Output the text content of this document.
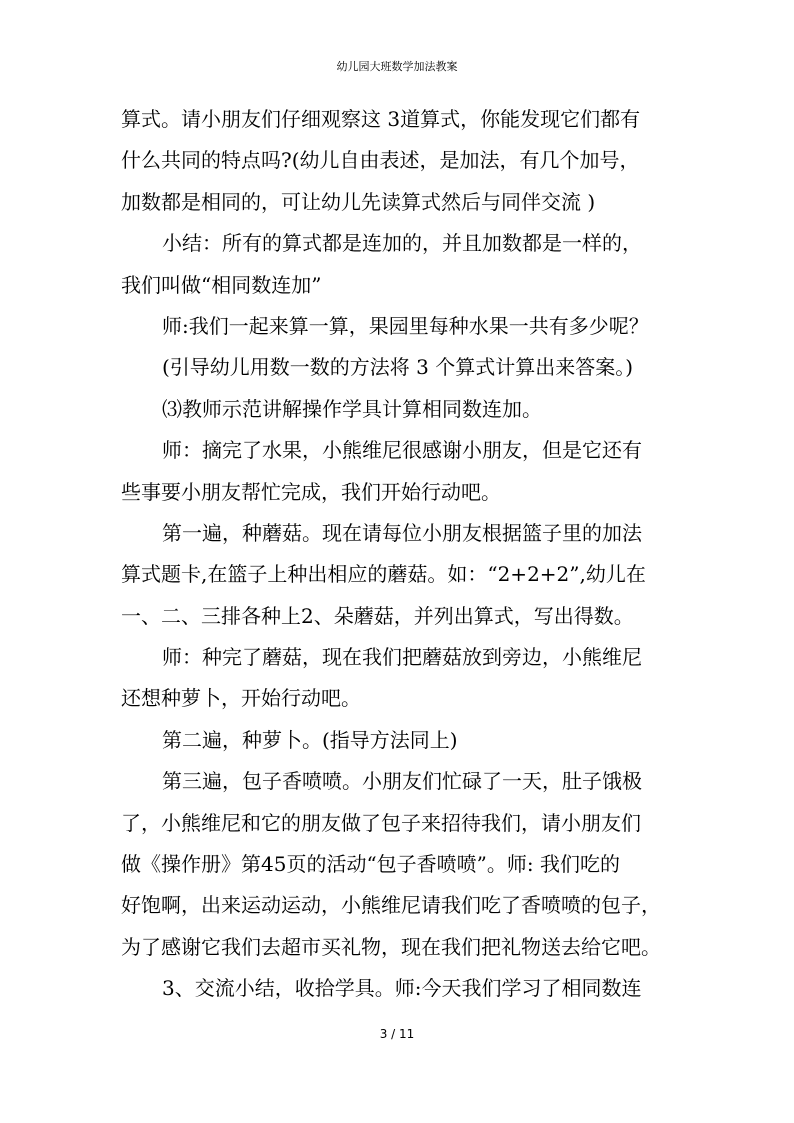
幼儿园大班数学加法教案
算式。请小朋友们仔细观察这 3道算式，你能发现它们都有
什么共同的特点吗?(幼儿自由表述，是加法，有几个加号，
加数都是相同的，可让幼儿先读算式然后与同伴交流 )
小结：所有的算式都是连加的，并且加数都是一样的，
我们叫做“相同数连加”
师:我们一起来算一算，果园里每种水果一共有多少呢？
(引导幼儿用数一数的方法将 3 个算式计算出来答案。)
⑶教师示范讲解操作学具计算相同数连加。
师：摘完了水果，小熊维尼很感谢小朋友，但是它还有
些事要小朋友帮忙完成，我们开始行动吧。
第一遍，种蘑菇。现在请每位小朋友根据篮子里的加法
算式题卡,在篮子上种出相应的蘑菇。如：“2+2+2”,幼儿在
一、二、三排各种上2、朵蘑菇，并列出算式，写出得数。
师：种完了蘑菇，现在我们把蘑菇放到旁边，小熊维尼
还想种萝卜，开始行动吧。
第二遍，种萝卜。(指导方法同上)
第三遍，包子香喷喷。小朋友们忙碌了一天，肚子饿极
了，小熊维尼和它的朋友做了包子来招待我们，请小朋友们
做《操作册》第45页的活动“包子香喷喷”。师: 我们吃的
好饱啊，出来运动运动，小熊维尼请我们吃了香喷喷的包子，
为了感谢它我们去超市买礼物，现在我们把礼物送去给它吧。
3、交流小结，收拾学具。师:今天我们学习了相同数连
3 / 11
